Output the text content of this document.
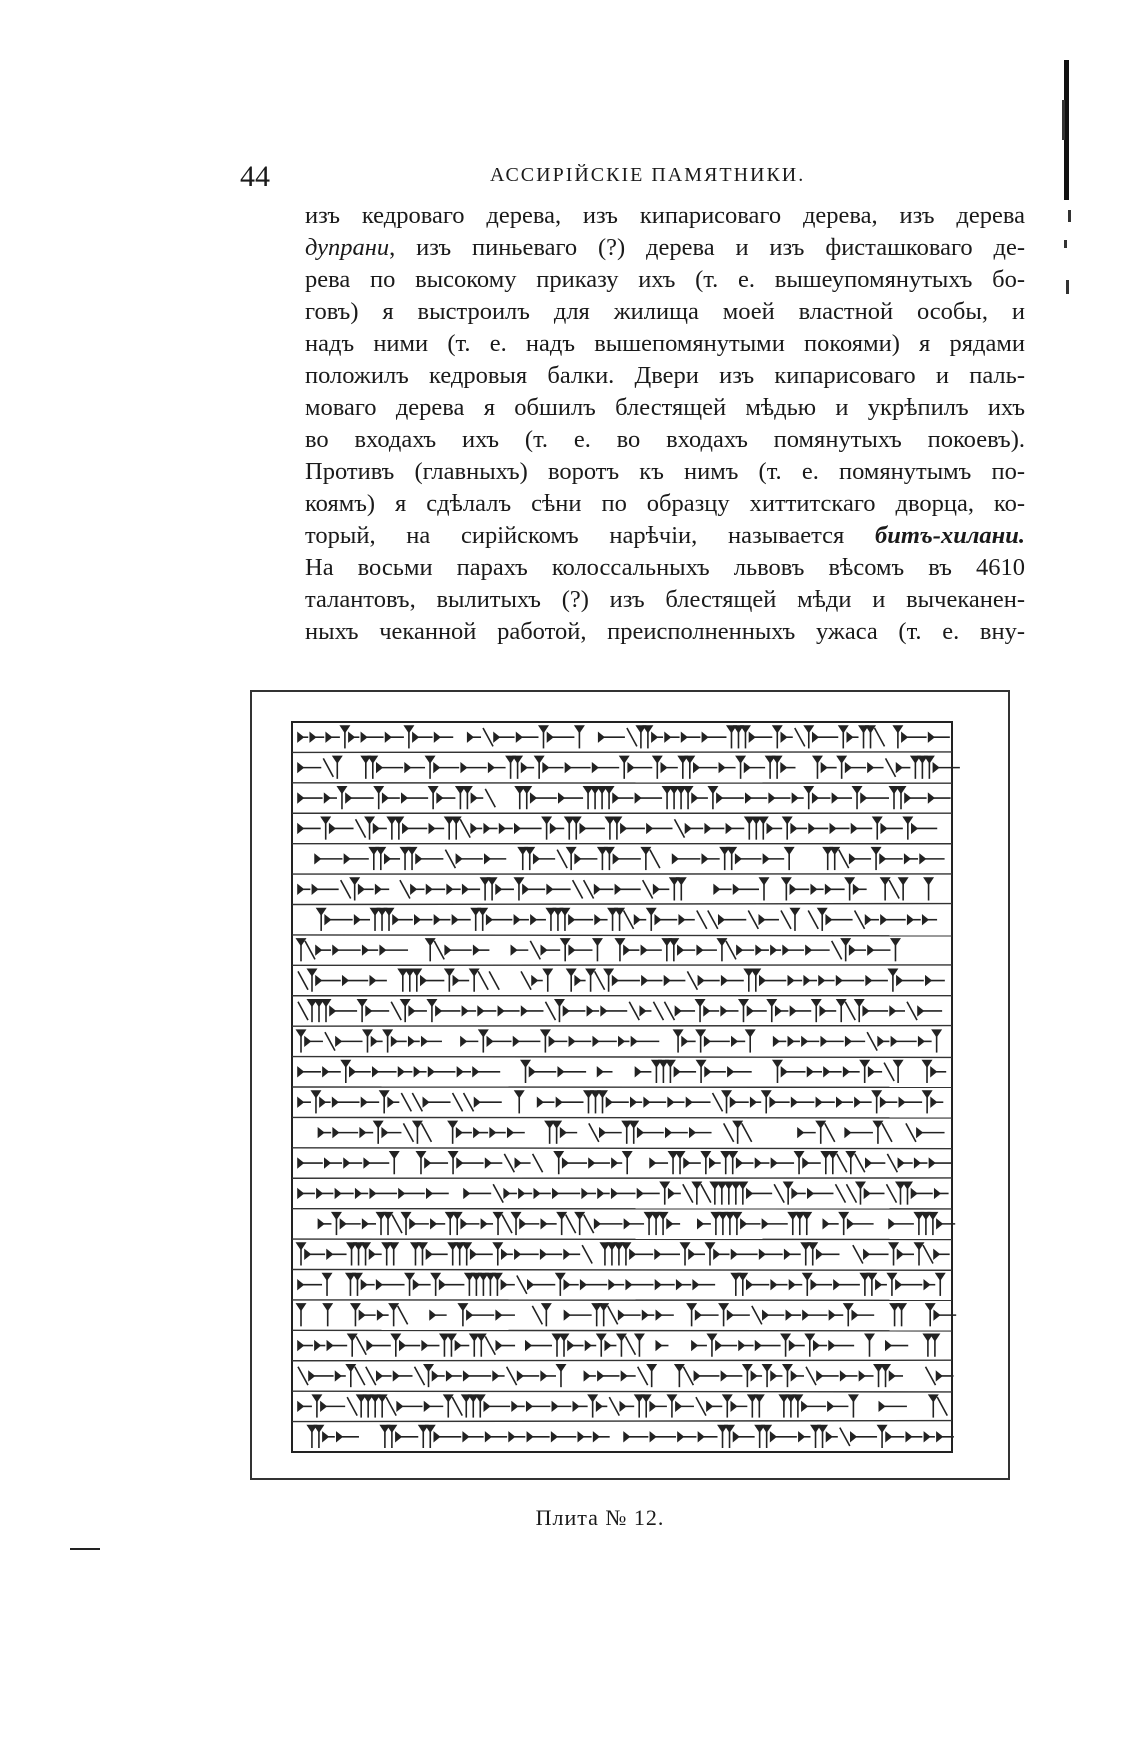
44	АССИРІЙСКІЕ ПАМЯТНИКИ.
изъ кедроваго дерева, изъ кипарисоваго дерева, изъ дерева
дупрани, изъ пиньеваго (?) дерева и изъ фисташковаго де-
рева по высокому приказу ихъ (т. е. вышеупомянутыхъ бо-
говъ) я выстроилъ для жилища моей властной особы, и
надъ ними (т. е. надъ вышепомянутыми покоями) я рядами
положилъ кедровыя балки. Двери изъ кипарисоваго и паль-
моваго дерева я обшилъ блестящей мѣдью и укрѣпилъ ихъ
во входахъ ихъ (т. е. во входахъ помянутыхъ покоевъ).
Противъ (главныхъ) воротъ къ нимъ (т. е. помянутымъ по-
коямъ) я сдѣлалъ сѣни по образцу хиттитскаго дворца, ко-
торый, на сирійскомъ нарѣчіи, называется битъ-хиланu.
На восьми парахъ колоссальныхъ львовъ вѣсомъ въ 4610
талантовъ, вылитыхъ (?) изъ блестящей мѣди и вычеканен-
ныхъ чеканной работой, преисполненныхъ ужаса (т. е. вну-
Плита № 12.
